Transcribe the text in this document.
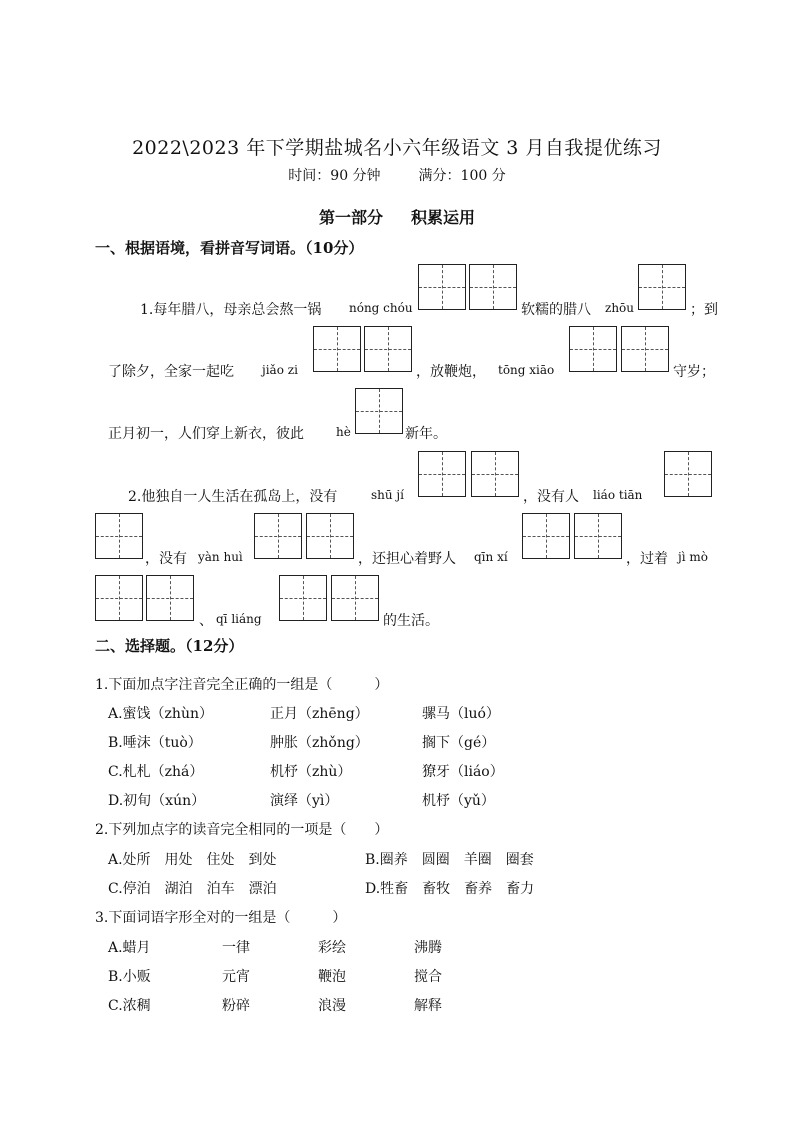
2022\2023 年下学期盐城名小六年级语文 3 月自我提优练习
时间：90 分钟	满分：100 分
第一部分 积累运用
一、根据语境，看拼音写词语。（10分）
1.每年腊八，母亲总会熬一锅 nóng chóu	软糯的腊八 zhōu	；到
了除夕，全家一起吃 jiǎo zi	，放鞭炮， tōng xiāo	守岁；
正月初一，人们穿上新衣，彼此	hè	新年。
2.他独自一人生活在孤岛上，没有	shū jí	，没有人 liáo tiān
，没有 yàn huì	，还担心着野人 qīn xí	，过着 jì mò
、 qī liáng	的生活。
二、选择题。（12分）
1.下面加点字注音完全正确的一组是（　　　）
A.蜜饯（zhùn）	正月（zhēng）	骡马（luó）
B.唾沫（tuò）	肿胀（zhǒng）	搁下（gé）
C.札札（zhá）	机杼（zhù）	獠牙（liáo）
D.初旬（xún）	演绎（yì）	机杼（yǔ）
2.下列加点字的读音完全相同的一项是（　　）
A.处所　用处　住处　到处	B.圈养　圆圈　羊圈　圈套
C.停泊　湖泊　泊车　漂泊	D.牲畜　畜牧　畜养　畜力
3.下面词语字形全对的一组是（　　　）
A.蜡月	一律	彩绘	沸腾
B.小贩	元宵	鞭泡	搅合
C.浓稠	粉碎	浪漫	解释
